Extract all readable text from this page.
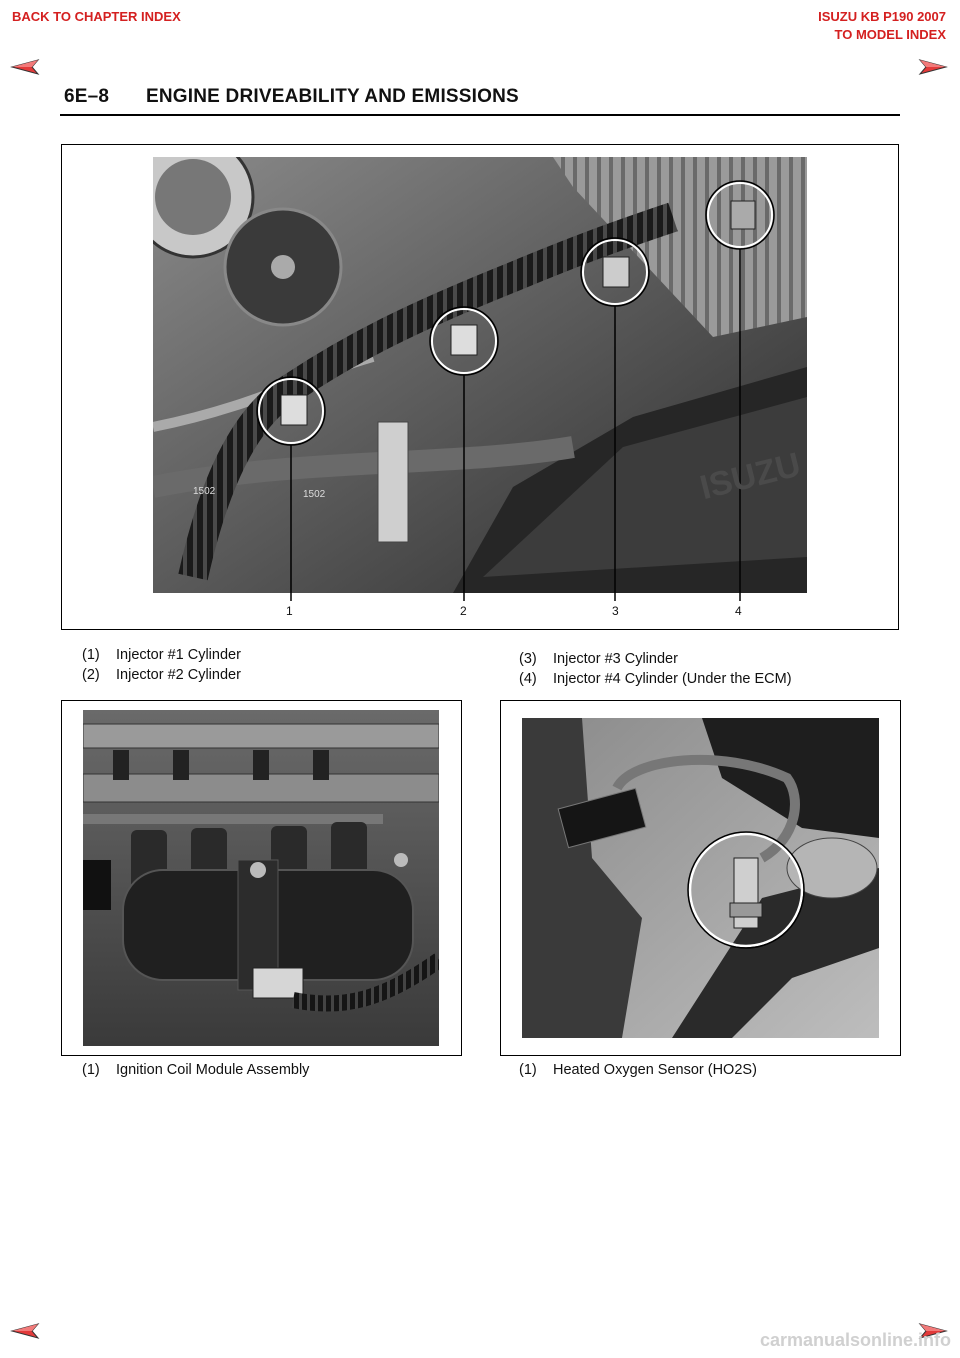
BACK TO CHAPTER INDEX	ISUZU KB P190 2007
TO MODEL INDEX
6E–8 ENGINE DRIVEABILITY AND EMISSIONS
ISUZU
1502	1502
1	2	3	4
(1) Injector #1 Cylinder
(2) Injector #2 Cylinder
(3) Injector #3 Cylinder
(4) Injector #4 Cylinder (Under the ECM)
(1) Ignition Coil Module Assembly	(1) Heated Oxygen Sensor (HO2S)
carmanualsonline.info
